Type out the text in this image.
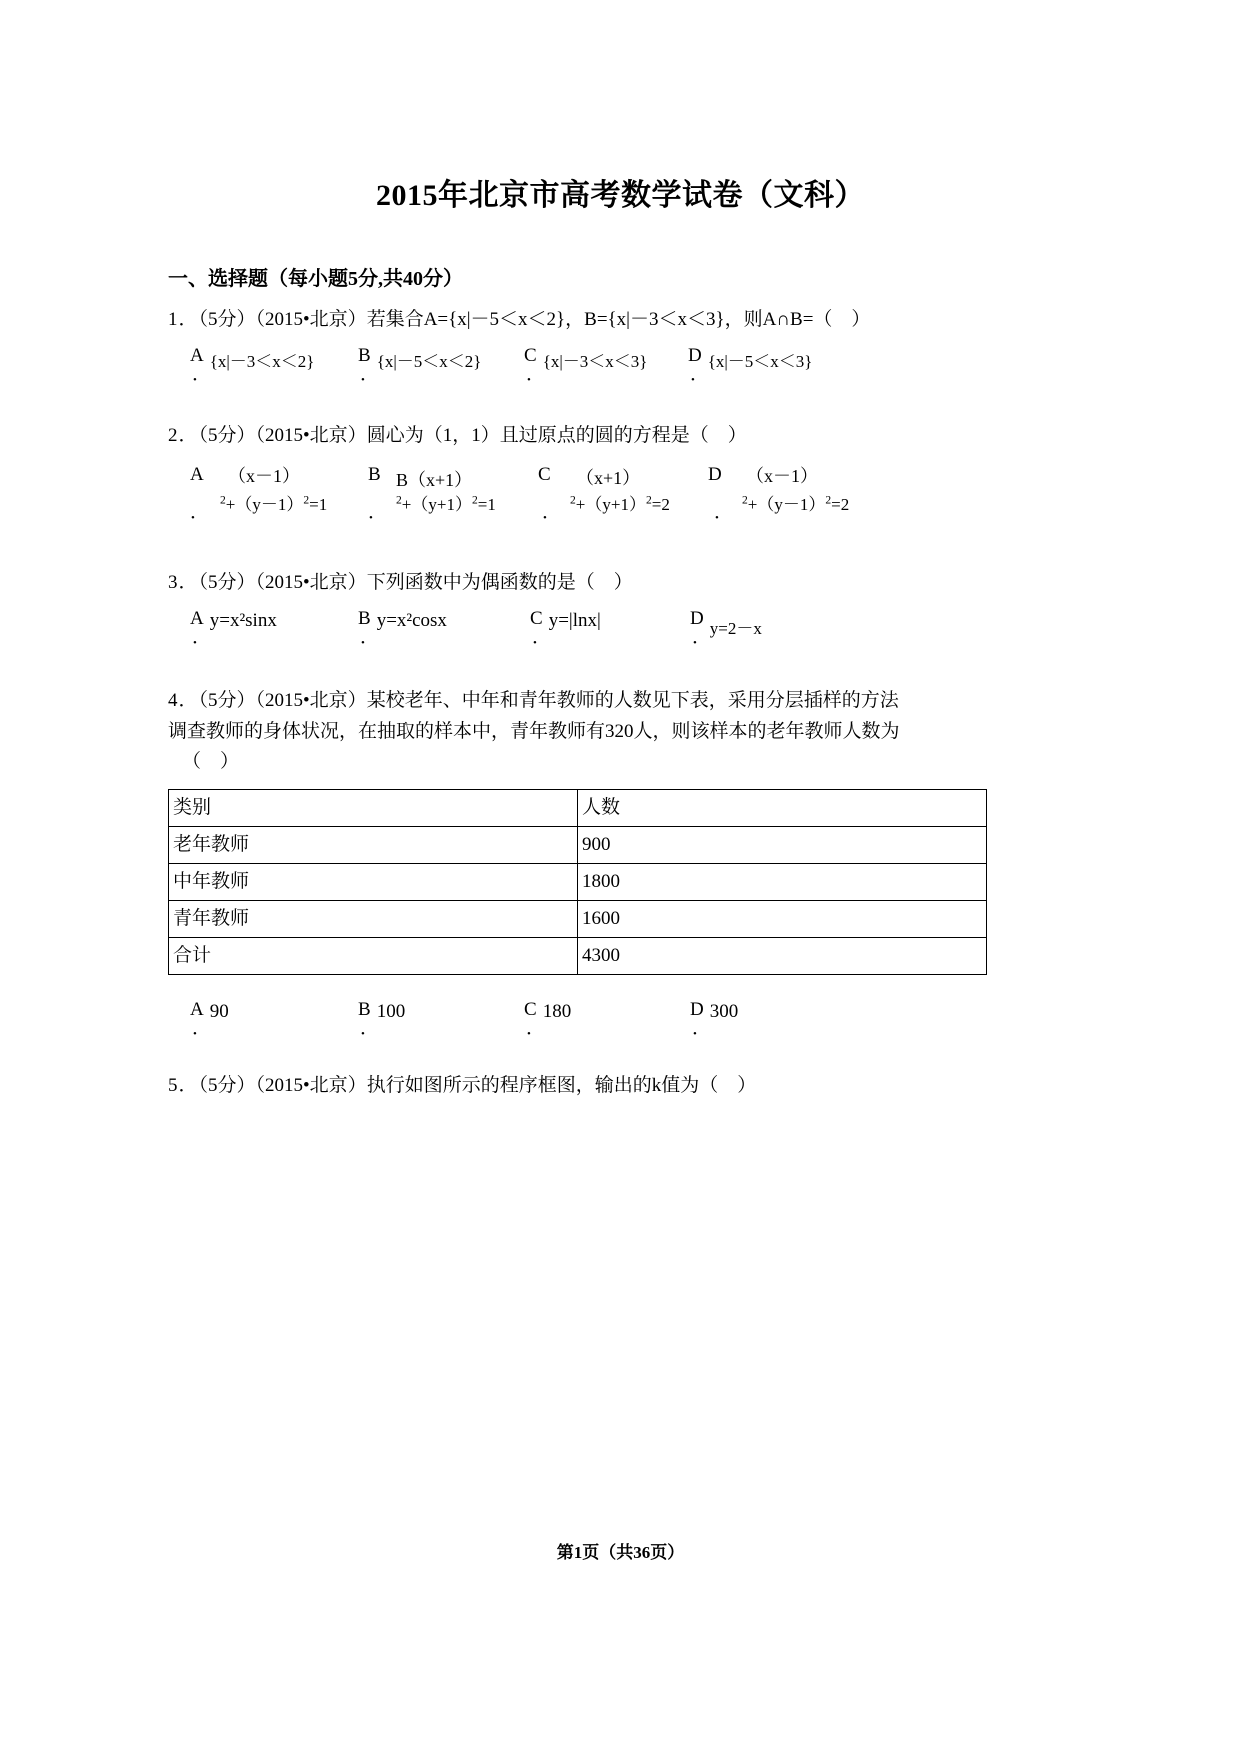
2015年北京市高考数学试卷（文科）
一、选择题（每小题5分,共40分）
1．（5分）（2015•北京）若集合A={x|－5＜x＜2}，B={x|－3＜x＜3}，则A∩B=（　）
A
．
{x|－3＜x＜2} B
．
{x|－5＜x＜2} C
．
{x|－3＜x＜3} D
．
{x|－5＜x＜3}
2．（5分）（2015•北京）圆心为（1，1）且过原点的圆的方程是（　）
A （x－1）	B B（x+1）	C （x+1）	D （x－1）
．
$^2+(y-1)^2=1$ ．
$^2+(y+1)^2=1$ ．
$^2+(y+1)^2=2$ ．
$^2+(y-1)^2=2$
3．（5分）（2015•北京）下列函数中为偶函数的是（　）
A
．
y=x²sinx	B
．
y=x²cosx	C
．
y=|lnx|	D
．
y=2－x
4．（5分）（2015•北京）某校老年、中年和青年教师的人数见下表，采用分层插样的方法
调查教师的身体状况，在抽取的样本中，青年教师有320人，则该样本的老年教师人数为
（　）
类别	人数
老年教师	900
中年教师	1800
青年教师	1600
合计	4300
A
．
90	B
．
100	C
．
180	D
．
300
5．（5分）（2015•北京）执行如图所示的程序框图，输出的k值为（　）
第1页（共36页）
